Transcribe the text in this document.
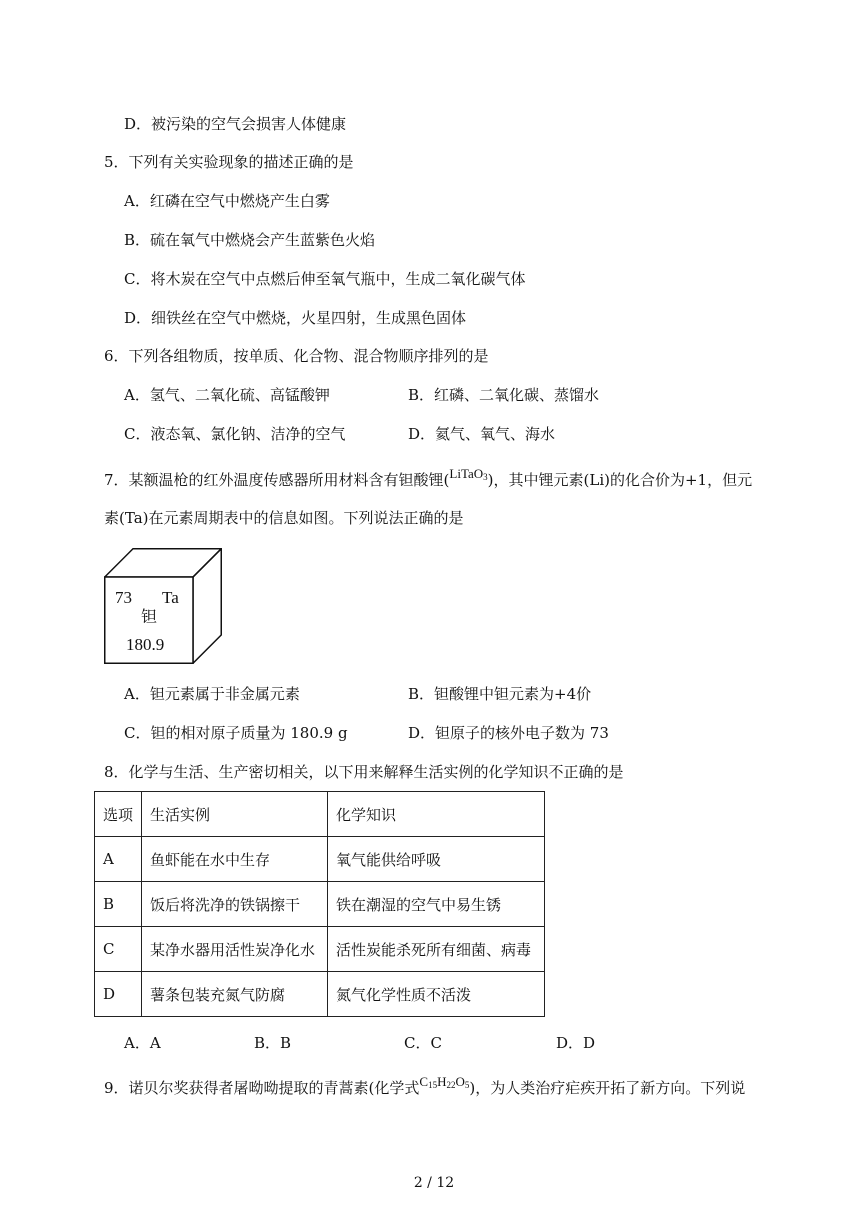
D．被污染的空气会损害人体健康
5．下列有关实验现象的描述正确的是
A．红磷在空气中燃烧产生白雾
B．硫在氧气中燃烧会产生蓝紫色火焰
C．将木炭在空气中点燃后伸至氧气瓶中，生成二氧化碳气体
D．细铁丝在空气中燃烧，火星四射，生成黑色固体
6．下列各组物质，按单质、化合物、混合物顺序排列的是
A．氢气、二氧化硫、高锰酸钾	B．红磷、二氧化碳、蒸馏水
C．液态氧、氯化钠、洁净的空气	D．氦气、氧气、海水
7．某额温枪的红外温度传感器所用材料含有钽酸锂(LiTaO$_3$)，其中锂元素(Li)的化合价为+1，但元
素(Ta)在元素周期表中的信息如图。下列说法正确的是
73 Ta
钽
180.9
A．钽元素属于非金属元素	B．钽酸锂中钽元素为+4价
C．钽的相对原子质量为 180.9 g	D．钽原子的核外电子数为 73
8．化学与生活、生产密切相关，以下用来解释生活实例的化学知识不正确的是
选项	生活实例	化学知识
A	鱼虾能在水中生存	氧气能供给呼吸
B	饭后将洗净的铁锅擦干	铁在潮湿的空气中易生锈
C	某净水器用活性炭净化水	活性炭能杀死所有细菌、病毒
D	薯条包装充氮气防腐	氮气化学性质不活泼
A．A	B．B	C．C	D．D
9．诺贝尔奖获得者屠呦呦提取的青蒿素(化学式$C_{15}H_{22}O_5$)，为人类治疗疟疾开拓了新方向。下列说
2 / 12
